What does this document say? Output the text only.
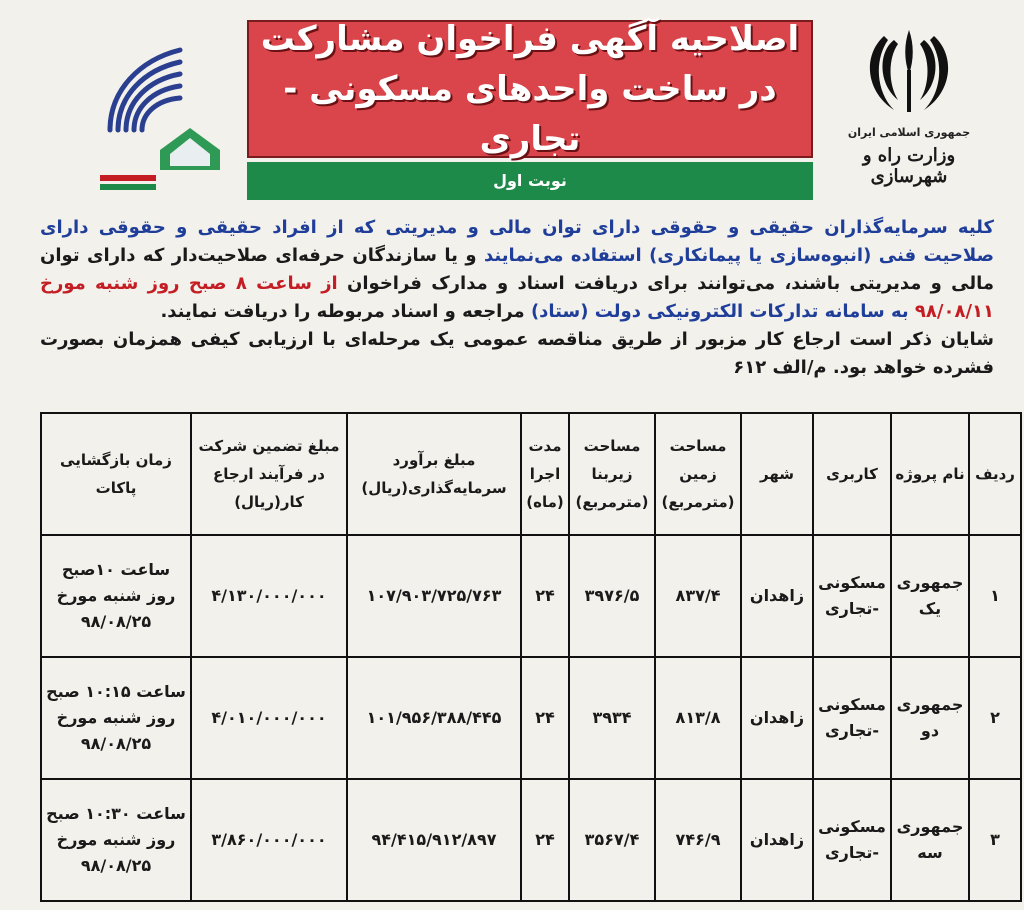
جمهوری اسلامی ایران
وزارت راه و شهرسازی
اصلاحیه آگهی فراخوان مشارکت
در ساخت واحدهای مسکونی - تجاری
نوبت اول

کلیه سرمایه‌گذاران حقیقی و حقوقی دارای توان مالی و مدیریتی که از افراد حقیقی و حقوقی دارای صلاحیت فنی (انبوه‌سازی یا پیمانکاری) استفاده می‌نمایند و یا سازندگان حرفه‌ای صلاحیت‌دار که دارای توان مالی و مدیریتی باشند، می‌توانند برای دریافت اسناد و مدارک فراخوان از ساعت ۸ صبح روز شنبه مورخ ۹۸/۰۸/۱۱ به سامانه تدارکات الکترونیکی دولت (ستاد) مراجعه و اسناد مربوطه را دریافت نمایند.

شایان ذکر است ارجاع کار مزبور از طریق مناقصه عمومی یک مرحله‌ای با ارزیابی کیفی همزمان بصورت فشرده خواهد بود. م/الف ۶۱۲

ردیف	نام پروژه	کاربری	شهر	مساحت زمین (مترمربع)	مساحت زیربنا (مترمربع)	مدت اجرا (ماه)	مبلغ برآورد سرمایه‌گذاری(ریال)	مبلغ تضمین شرکت در فرآیند ارجاع کار(ریال)	زمان بازگشایی پاکات
۱	جمهوری یک	مسکونی -تجاری	زاهدان	۸۳۷/۴	۳۹۷۶/۵	۲۴	۱۰۷/۹۰۳/۷۲۵/۷۶۳	۴/۱۳۰/۰۰۰/۰۰۰	ساعت ۱۰صبح روز شنبه مورخ ۹۸/۰۸/۲۵
۲	جمهوری دو	مسکونی -تجاری	زاهدان	۸۱۳/۸	۳۹۳۴	۲۴	۱۰۱/۹۵۶/۳۸۸/۴۴۵	۴/۰۱۰/۰۰۰/۰۰۰	ساعت ۱۰:۱۵ صبح روز شنبه مورخ ۹۸/۰۸/۲۵
۳	جمهوری سه	مسکونی -تجاری	زاهدان	۷۴۶/۹	۳۵۶۷/۴	۲۴	۹۴/۴۱۵/۹۱۲/۸۹۷	۳/۸۶۰/۰۰۰/۰۰۰	ساعت ۱۰:۳۰ صبح روز شنبه مورخ ۹۸/۰۸/۲۵
